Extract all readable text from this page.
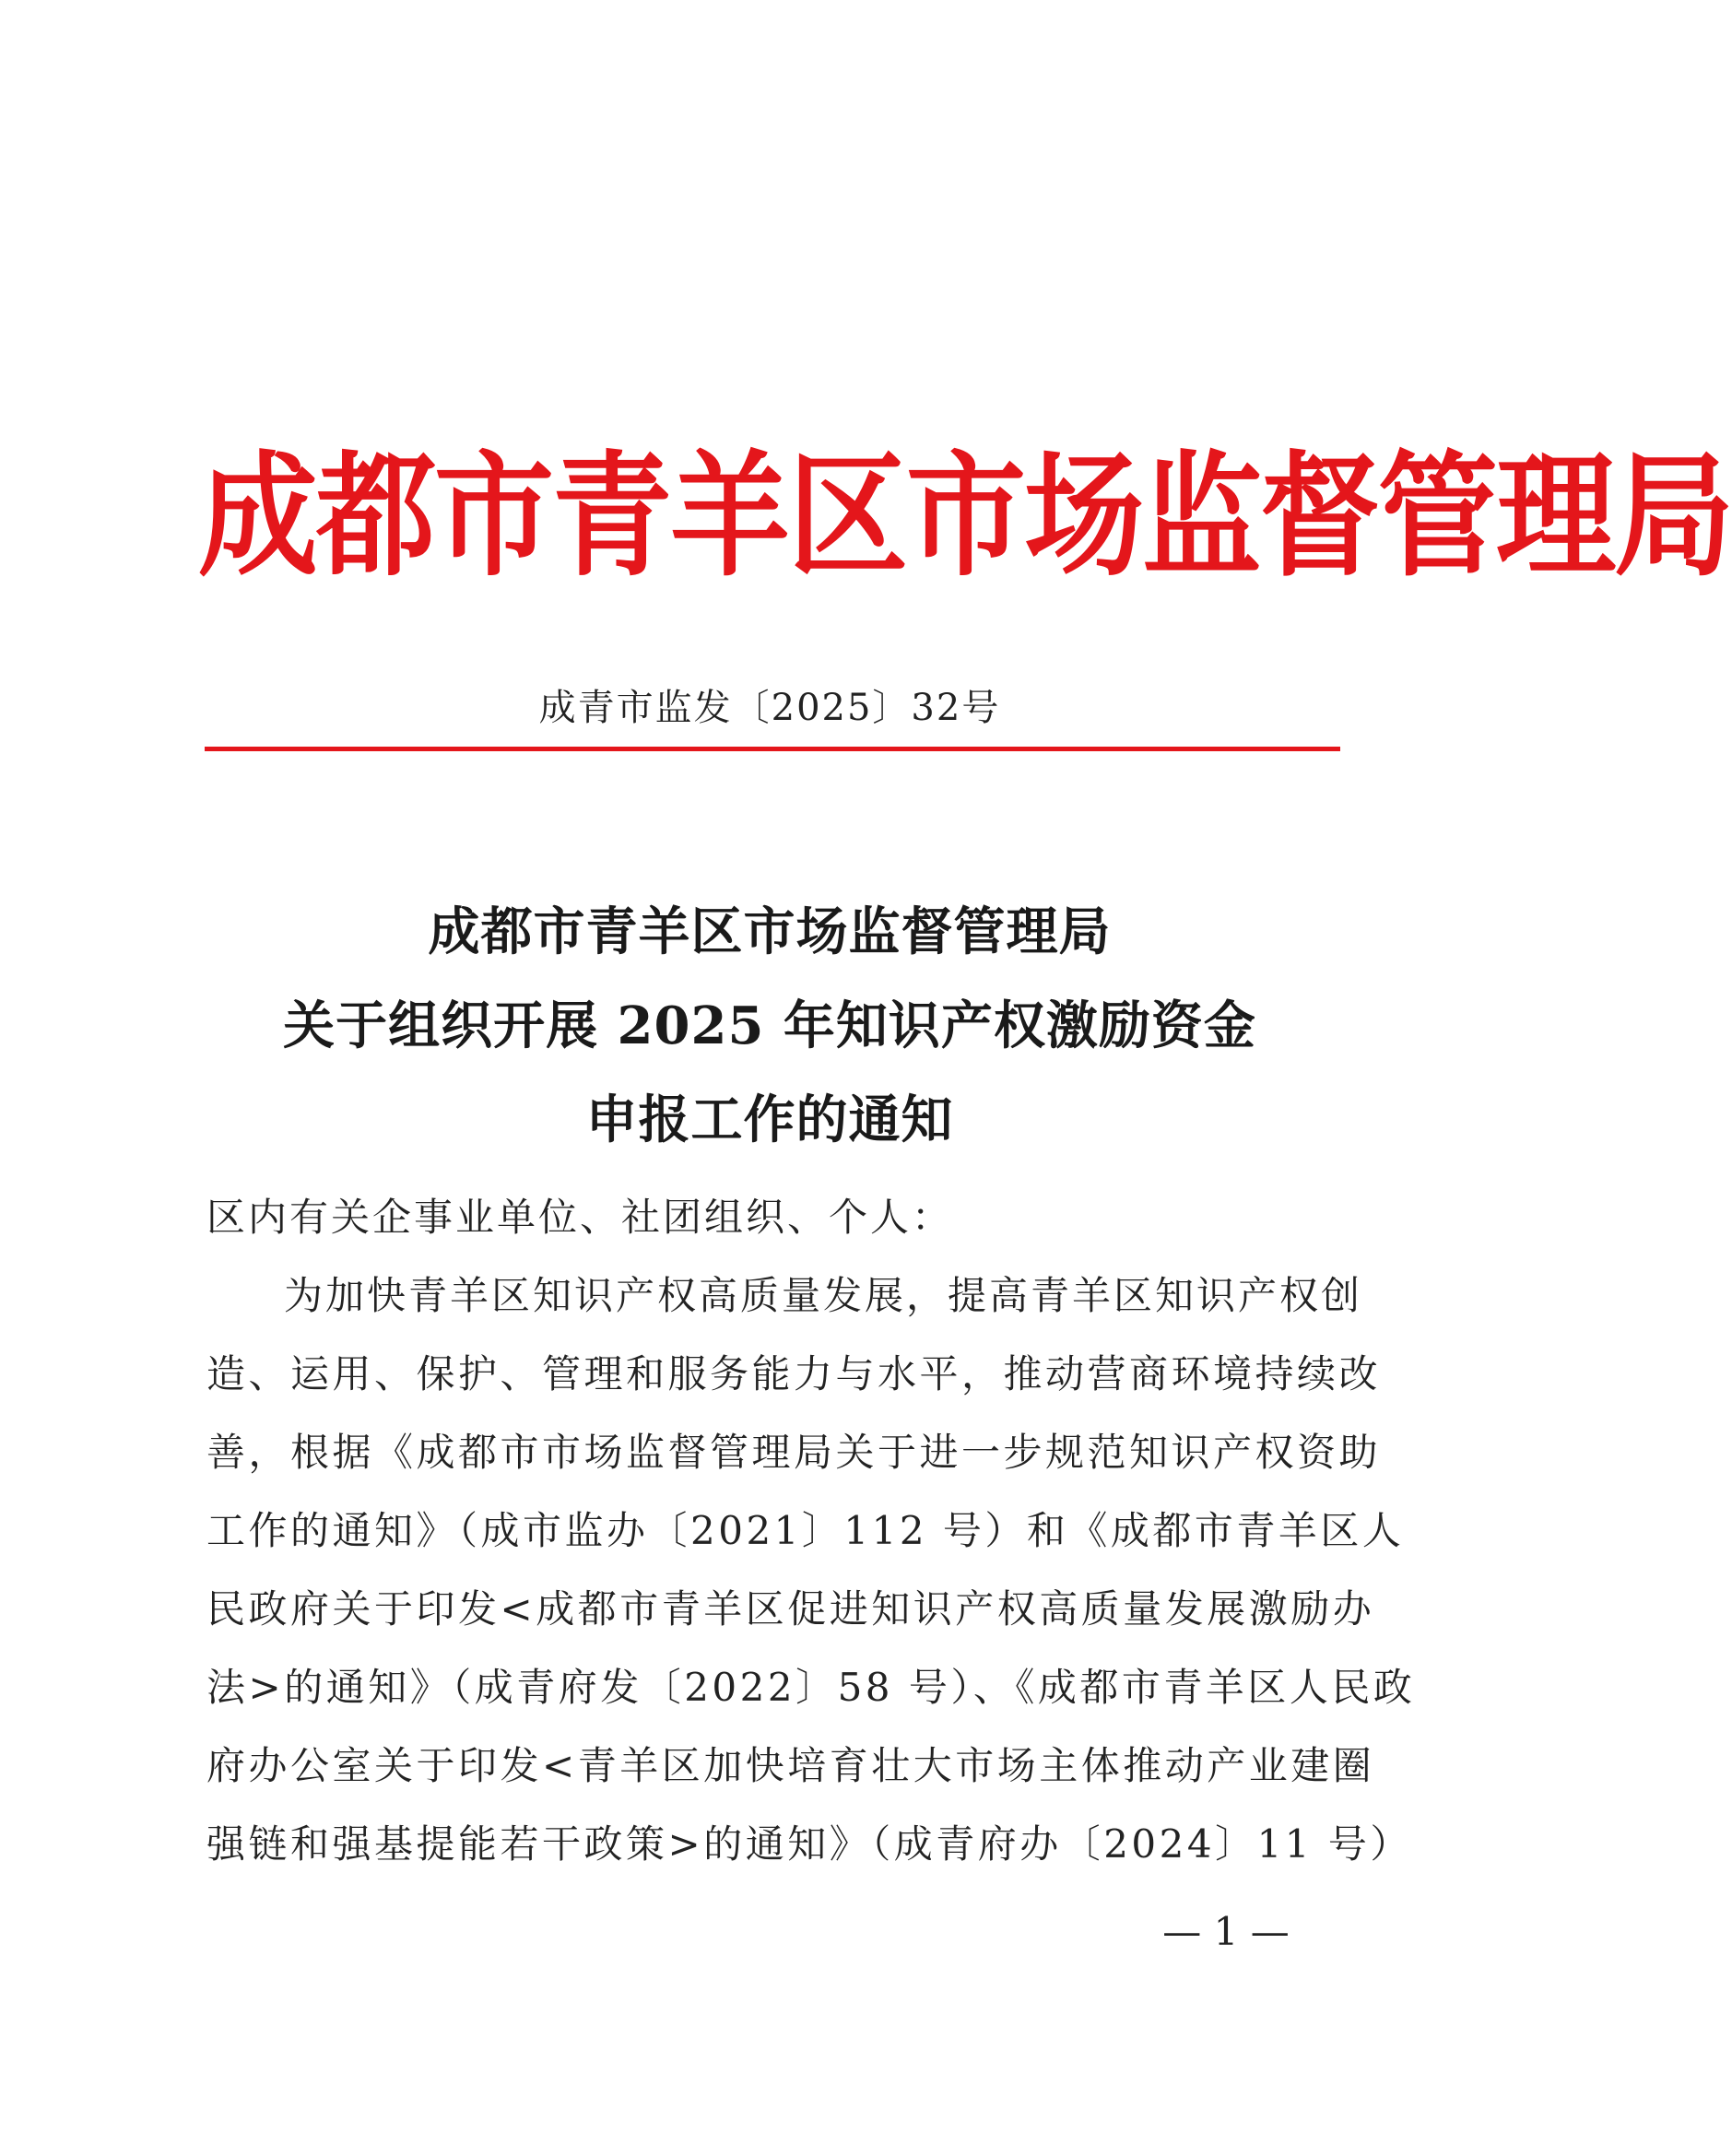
成都市青羊区市场监督管理局
成青市监发〔2025〕32号
成都市青羊区市场监督管理局
关于组织开展 2025 年知识产权激励资金
申报工作的通知
区内有关企事业单位、社团组织、个人：
为加快青羊区知识产权高质量发展，提高青羊区知识产权创
造、运用、保护、管理和服务能力与水平，推动营商环境持续改
善，根据《成都市市场监督管理局关于进一步规范知识产权资助
工作的通知》（成市监办〔2021〕112 号）和《成都市青羊区人
民政府关于印发<成都市青羊区促进知识产权高质量发展激励办
法>的通知》（成青府发〔2022〕58 号）、《成都市青羊区人民政
府办公室关于印发<青羊区加快培育壮大市场主体推动产业建圈
强链和强基提能若干政策>的通知》（成青府办〔2024〕11 号）
— 1 —
